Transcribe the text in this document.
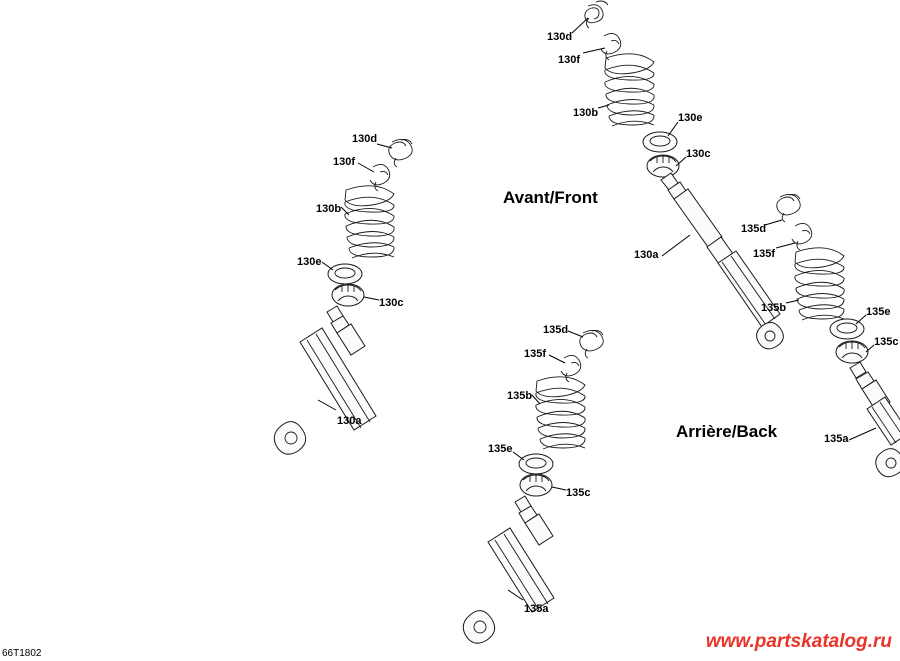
Avant/Front
Arrière/Back
130d
130f
130b	130e
130c
130a
130d
130f
130b
130e
130c
130a
135d
135f
135b	135e
135c
135a
135d
135f
135b
135e
135c
135a
66T1802
www.partskatalog.ru
